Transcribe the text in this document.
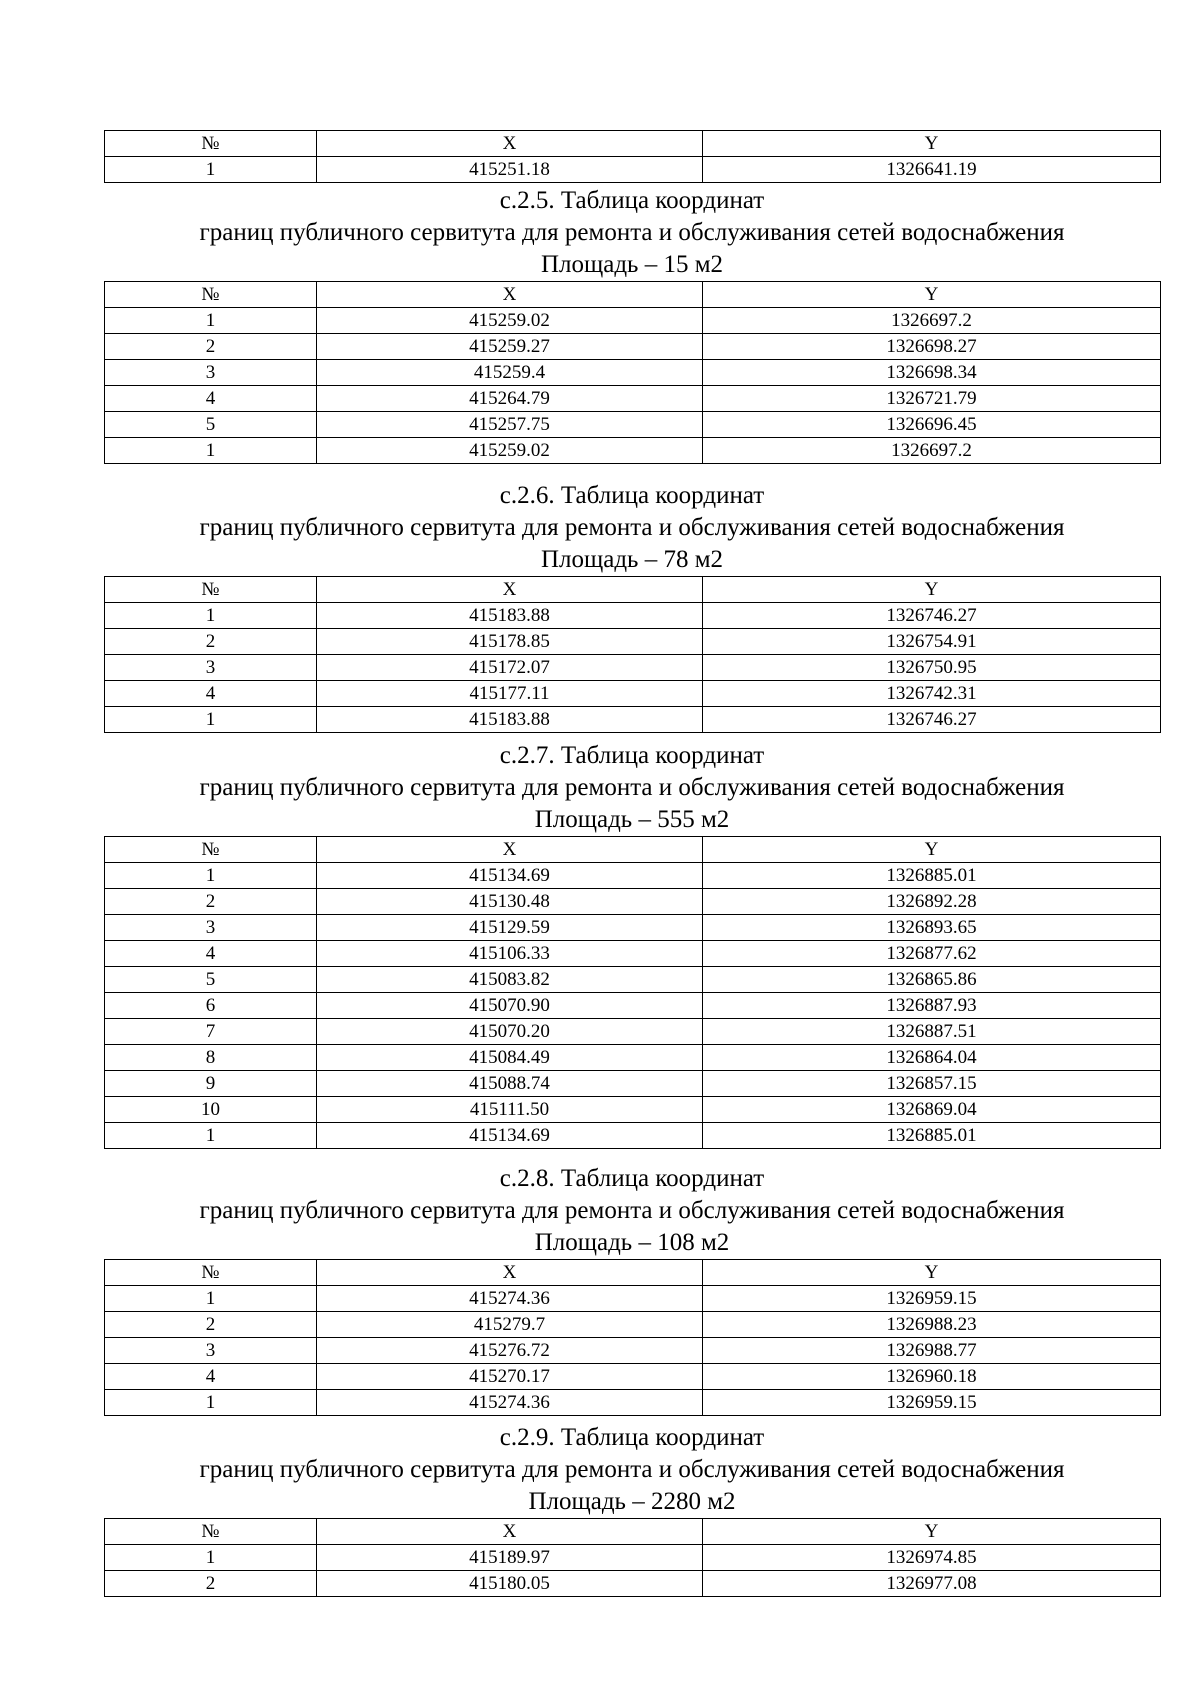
№	X	Y
1	415251.18	1326641.19
с.2.5. Таблица координат
границ публичного сервитута для ремонта и обслуживания сетей водоснабжения
Площадь – 15 м2
№	X	Y
1	415259.02	1326697.2
2	415259.27	1326698.27
3	415259.4	1326698.34
4	415264.79	1326721.79
5	415257.75	1326696.45
1	415259.02	1326697.2
с.2.6. Таблица координат
границ публичного сервитута для ремонта и обслуживания сетей водоснабжения
Площадь – 78 м2
№	X	Y
1	415183.88	1326746.27
2	415178.85	1326754.91
3	415172.07	1326750.95
4	415177.11	1326742.31
1	415183.88	1326746.27
с.2.7. Таблица координат
границ публичного сервитута для ремонта и обслуживания сетей водоснабжения
Площадь – 555 м2
№	X	Y
1	415134.69	1326885.01
2	415130.48	1326892.28
3	415129.59	1326893.65
4	415106.33	1326877.62
5	415083.82	1326865.86
6	415070.90	1326887.93
7	415070.20	1326887.51
8	415084.49	1326864.04
9	415088.74	1326857.15
10	415111.50	1326869.04
1	415134.69	1326885.01
с.2.8. Таблица координат
границ публичного сервитута для ремонта и обслуживания сетей водоснабжения
Площадь – 108 м2
№	X	Y
1	415274.36	1326959.15
2	415279.7	1326988.23
3	415276.72	1326988.77
4	415270.17	1326960.18
1	415274.36	1326959.15
с.2.9. Таблица координат
границ публичного сервитута для ремонта и обслуживания сетей водоснабжения
Площадь – 2280 м2
№	X	Y
1	415189.97	1326974.85
2	415180.05	1326977.08
